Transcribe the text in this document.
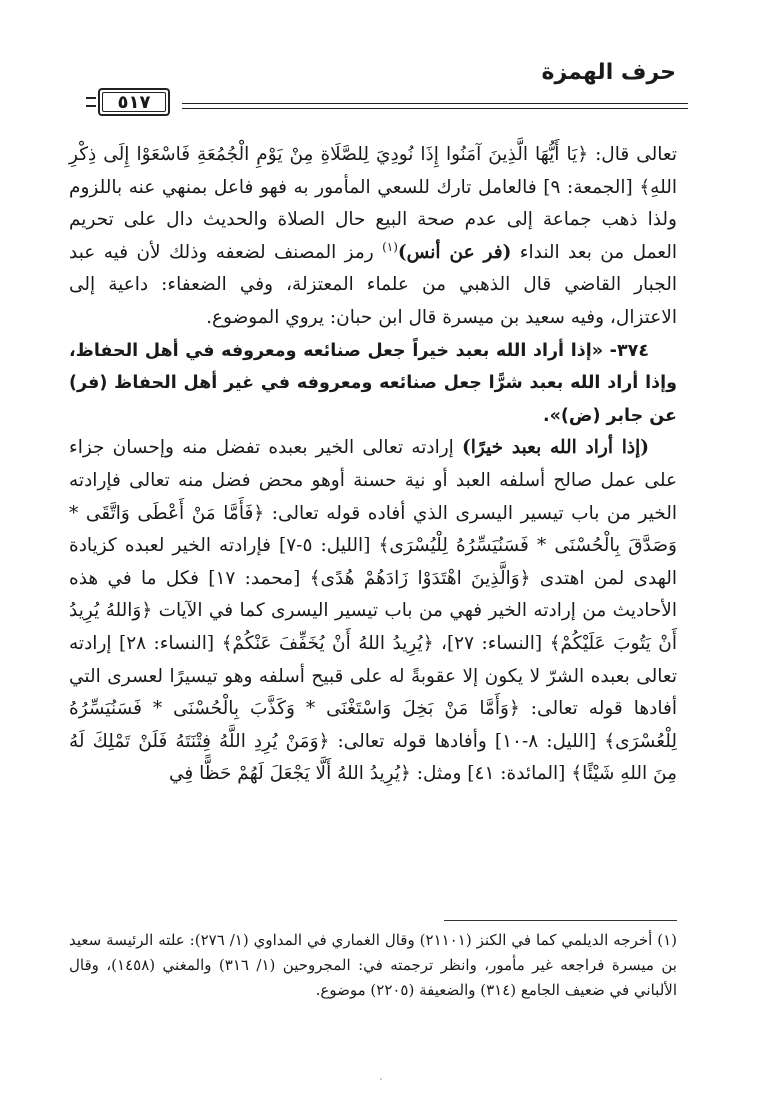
حرف الهمزة
٥١٧

تعالى قال: ﴿يَا أَيُّهَا الَّذِينَ آمَنُوا إِذَا نُودِيَ لِلصَّلَاةِ مِنْ يَوْمِ الْجُمُعَةِ فَاسْعَوْا إِلَى ذِكْرِ اللهِ﴾ [الجمعة: ٩] فالعامل تارك للسعي المأمور به فهو فاعل بمنهي عنه باللزوم ولذا ذهب جماعة إلى عدم صحة البيع حال الصلاة والحديث دال على تحريم العمل من بعد النداء (فر عن أنس)$^{(١)}$ رمز المصنف لضعفه وذلك لأن فيه عبد الجبار القاضي قال الذهبي من علماء المعتزلة، وفي الضعفاء: داعية إلى الاعتزال، وفيه سعيد بن ميسرة قال ابن حبان: يروي الموضوع.

٣٧٤- «إذا أراد الله بعبد خيراً جعل صنائعه ومعروفه في أهل الحفاظ، وإذا أراد الله بعبد شرًّا جعل صنائعه ومعروفه في غير أهل الحفاظ (فر) عن جابر (ض)».

(إذا أراد الله بعبد خيرًا) إرادته تعالى الخير بعبده تفضل منه وإحسان جزاء على عمل صالح أسلفه العبد أو نية حسنة أوهو محض فضل منه تعالى فإرادته الخير من باب تيسير اليسرى الذي أفاده قوله تعالى: ﴿فَأَمَّا مَنْ أَعْطَى وَاتَّقَى * وَصَدَّقَ بِالْحُسْنَى * فَسَنُيَسِّرُهُ لِلْيُسْرَى﴾ [الليل: ٥-٧] فإرادته الخير لعبده كزيادة الهدى لمن اهتدى ﴿وَالَّذِينَ اهْتَدَوْا زَادَهُمْ هُدًى﴾ [محمد: ١٧] فكل ما في هذه الأحاديث من إرادته الخير فهي من باب تيسير اليسرى كما في الآيات ﴿وَاللهُ يُرِيدُ أَنْ يَتُوبَ عَلَيْكُمْ﴾ [النساء: ٢٧]، ﴿يُرِيدُ اللهُ أَنْ يُخَفِّفَ عَنْكُمْ﴾ [النساء: ٢٨] إرادته تعالى بعبده الشرّ لا يكون إلا عقوبةً له على قبيح أسلفه وهو تيسيرًا لعسرى التي أفادها قوله تعالى: ﴿وَأَمَّا مَنْ بَخِلَ وَاسْتَغْنَى * وَكَذَّبَ بِالْحُسْنَى * فَسَنُيَسِّرُهُ لِلْعُسْرَى﴾ [الليل: ٨-١٠] وأفادها قوله تعالى: ﴿وَمَنْ يُرِدِ اللَّهُ فِتْنَتَهُ فَلَنْ تَمْلِكَ لَهُ مِنَ اللهِ شَيْئًا﴾ [المائدة: ٤١] ومثل: ﴿يُرِيدُ اللهُ أَلَّا يَجْعَلَ لَهُمْ حَظًّا فِي

(١) أخرجه الديلمي كما في الكنز (٢١١٠١) وقال الغماري في المداوي (١/ ٢٧٦): علته الرئيسة سعيد بن ميسرة فراجعه غير مأمور، وانظر ترجمته في: المجروحين (١/ ٣١٦) والمغني (١٤٥٨)، وقال الألباني في ضعيف الجامع (٣١٤) والضعيفة (٢٢٠٥) موضوع.
